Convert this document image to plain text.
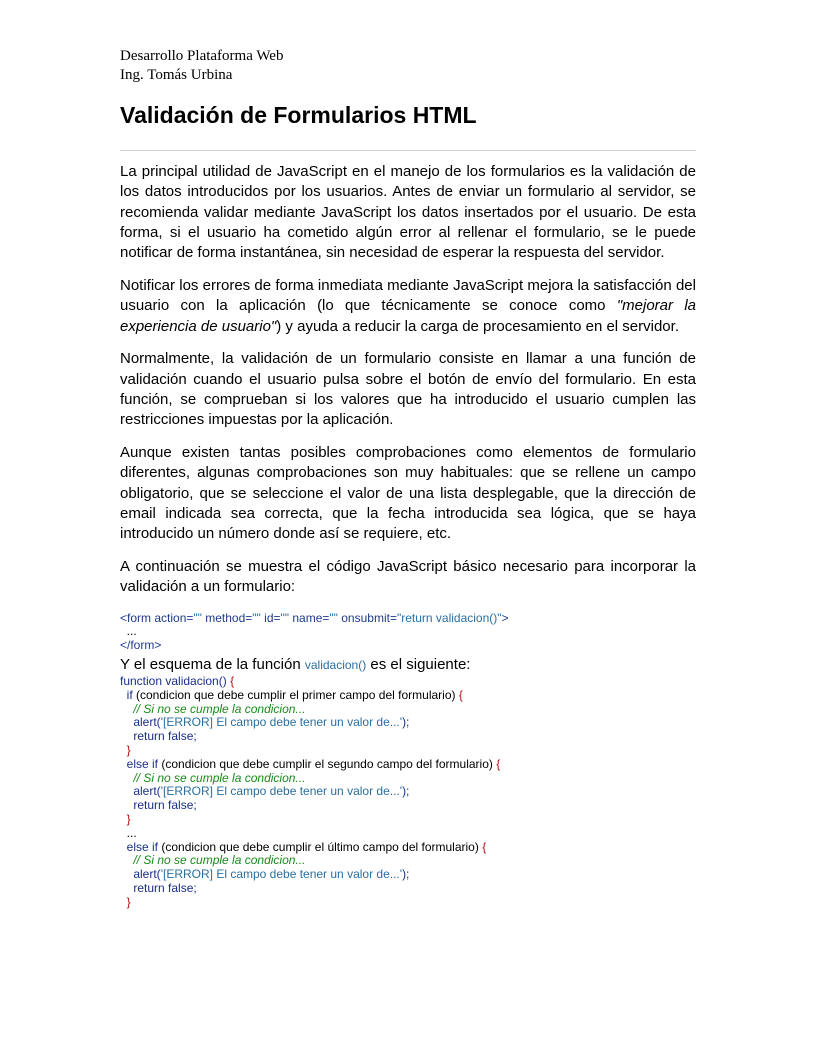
Desarrollo Plataforma Web
Ing. Tomás Urbina
Validación de Formularios HTML

La principal utilidad de JavaScript en el manejo de los formularios es la validación de los datos introducidos por los usuarios. Antes de enviar un formulario al servidor, se recomienda validar mediante JavaScript los datos insertados por el usuario. De esta forma, si el usuario ha cometido algún error al rellenar el formulario, se le puede notificar de forma instantánea, sin necesidad de esperar la respuesta del servidor.

Notificar los errores de forma inmediata mediante JavaScript mejora la satisfacción del usuario con la aplicación (lo que técnicamente se conoce como "mejorar la experiencia de usuario") y ayuda a reducir la carga de procesamiento en el servidor.

Normalmente, la validación de un formulario consiste en llamar a una función de validación cuando el usuario pulsa sobre el botón de envío del formulario. En esta función, se comprueban si los valores que ha introducido el usuario cumplen las restricciones impuestas por la aplicación.

Aunque existen tantas posibles comprobaciones como elementos de formulario diferentes, algunas comprobaciones son muy habituales: que se rellene un campo obligatorio, que se seleccione el valor de una lista desplegable, que la dirección de email indicada sea correcta, que la fecha introducida sea lógica, que se haya introducido un número donde así se requiere, etc.

A continuación se muestra el código JavaScript básico necesario para incorporar la validación a un formulario:

<form action="" method="" id="" name="" onsubmit="return validacion()">
...
</form>
Y el esquema de la función validacion() es el siguiente:
function validacion() {
if (condicion que debe cumplir el primer campo del formulario) {
// Si no se cumple la condicion...
alert('[ERROR] El campo debe tener un valor de...');
return false;
}
else if (condicion que debe cumplir el segundo campo del formulario) {
// Si no se cumple la condicion...
alert('[ERROR] El campo debe tener un valor de...');
return false;
}
...
else if (condicion que debe cumplir el último campo del formulario) {
// Si no se cumple la condicion...
alert('[ERROR] El campo debe tener un valor de...');
return false;
}
